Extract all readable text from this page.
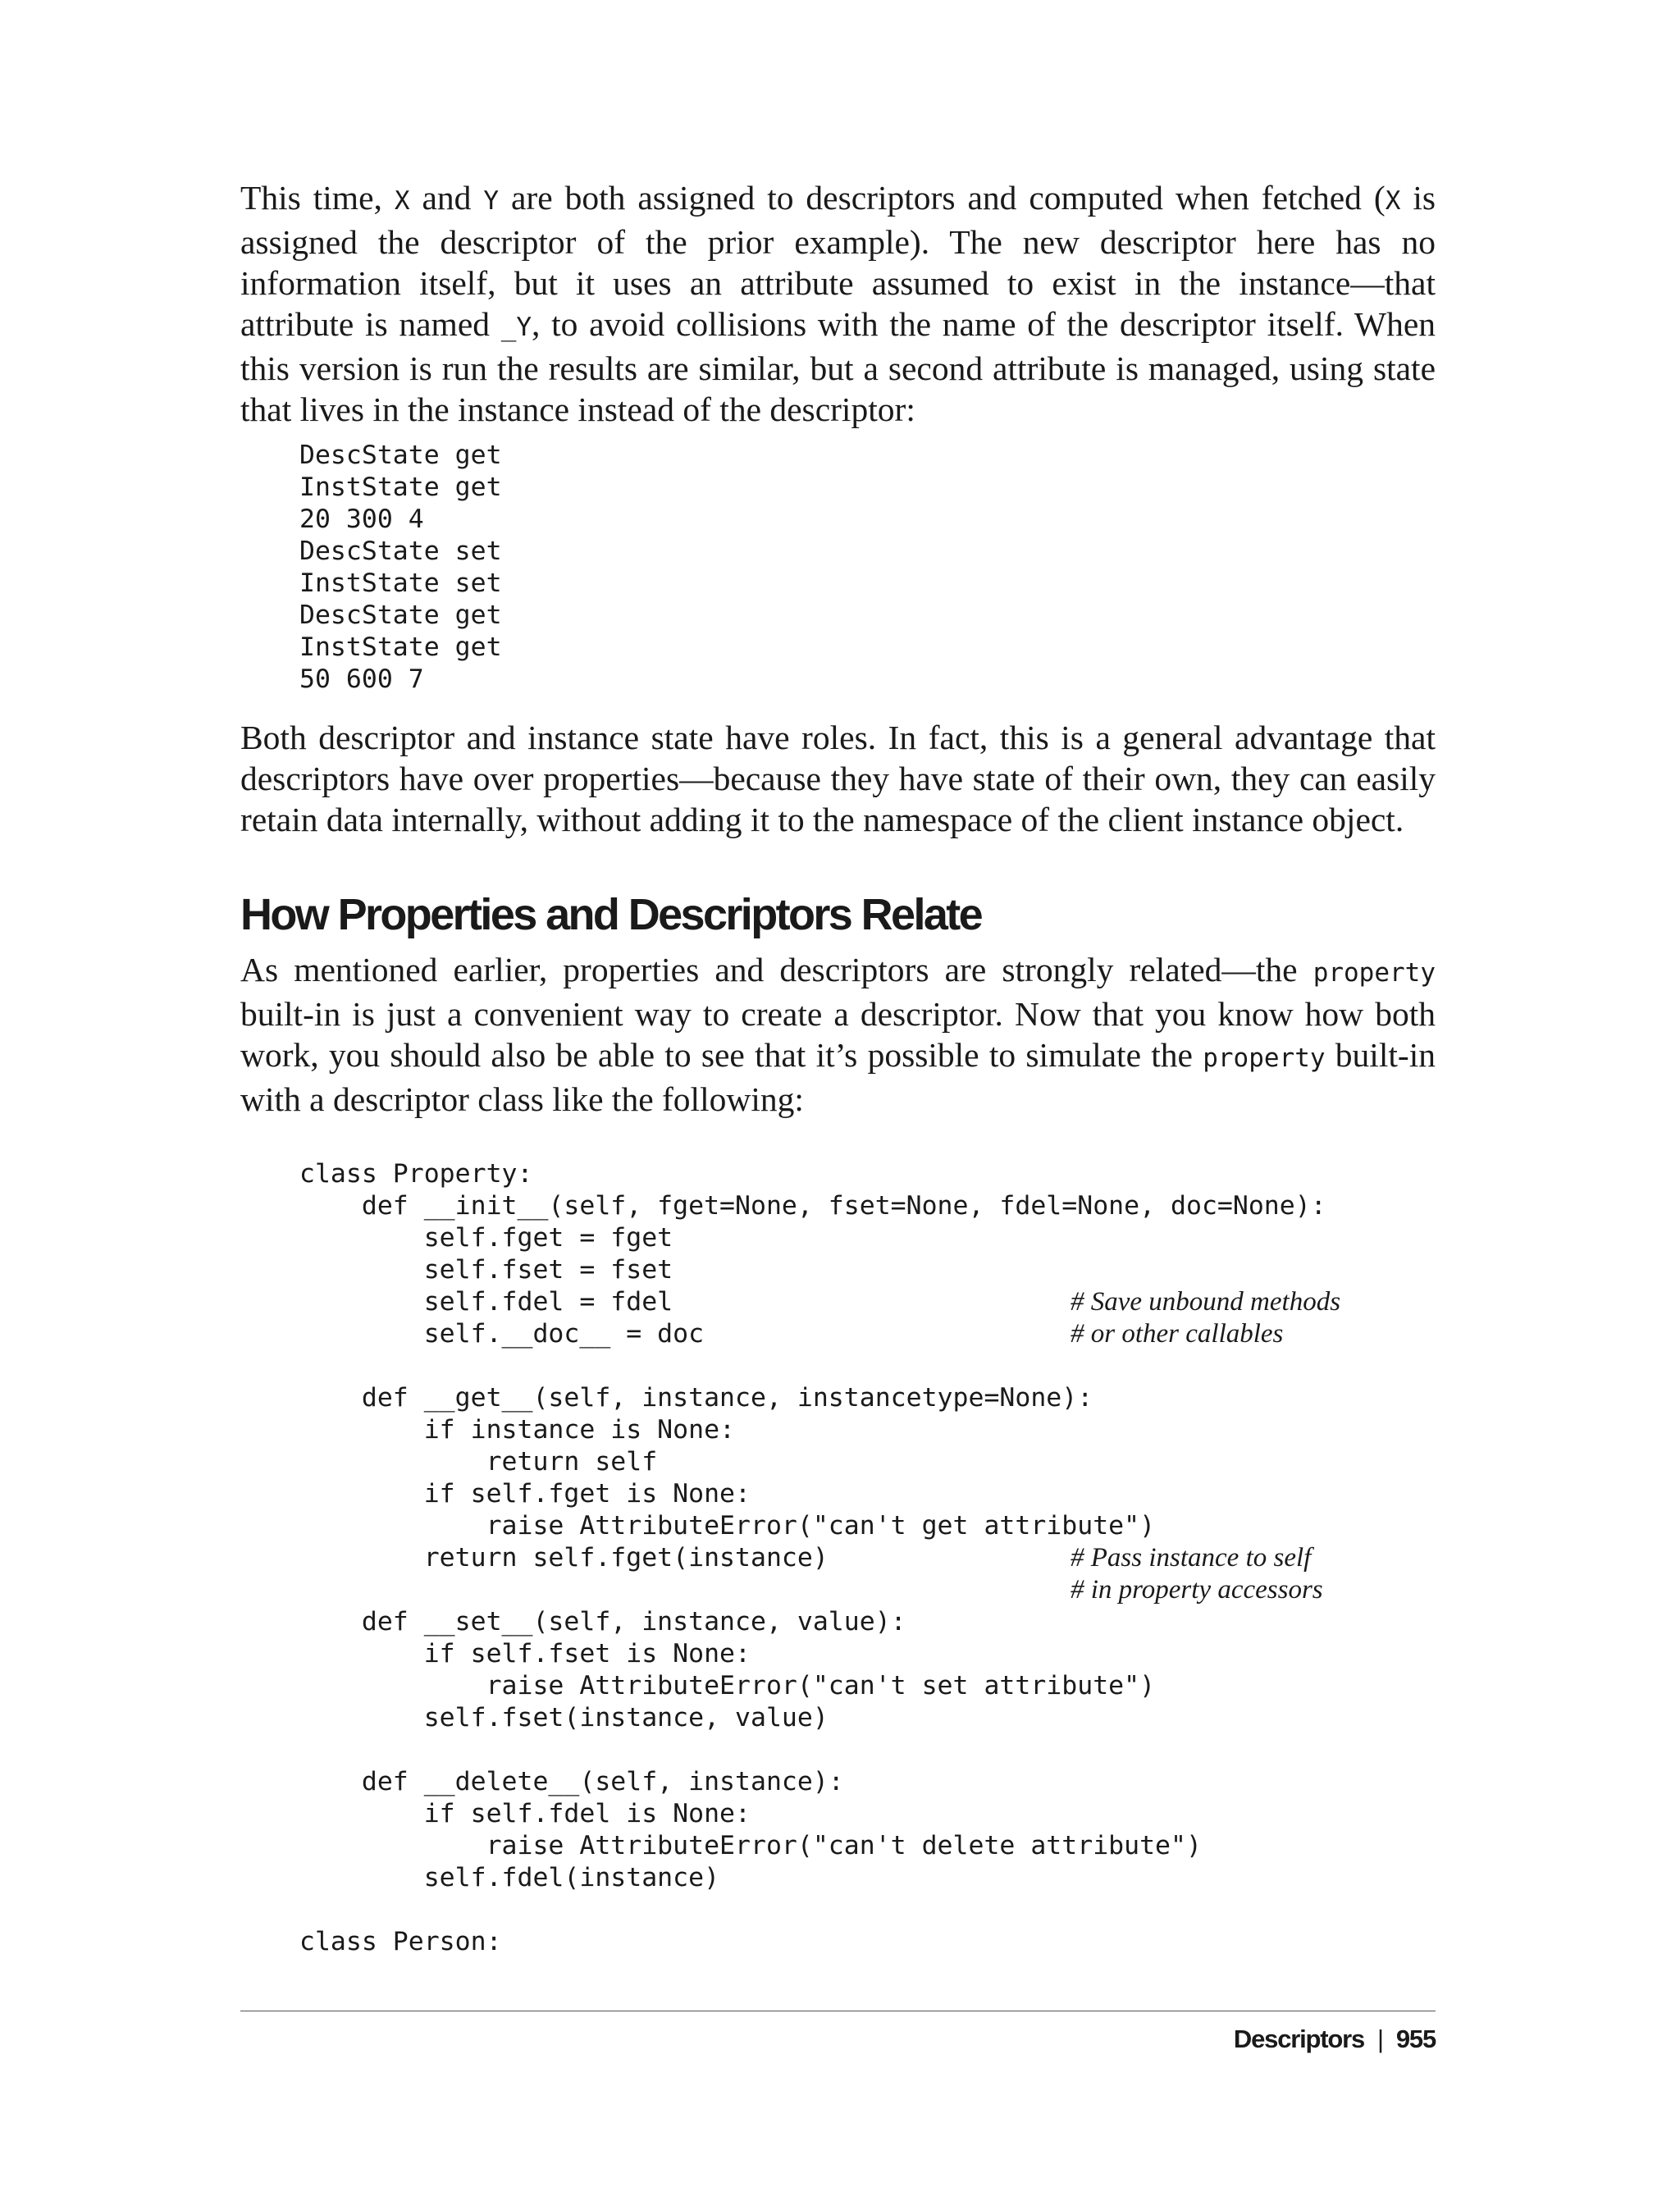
This time, X and Y are both assigned to descriptors and computed when fetched (X is assigned the descriptor of the prior example). The new descriptor here has no information itself, but it uses an attribute assumed to exist in the instance—that attribute is named _Y, to avoid collisions with the name of the descriptor itself. When this version is run the results are similar, but a second attribute is managed, using state that lives in the instance instead of the descriptor:

DescState get
InstState get
20 300 4
DescState set
InstState set
DescState get
InstState get
50 600 7

Both descriptor and instance state have roles. In fact, this is a general advantage that descriptors have over properties—because they have state of their own, they can easily retain data internally, without adding it to the namespace of the client instance object.

How Properties and Descriptors Relate

As mentioned earlier, properties and descriptors are strongly related—the property built-in is just a convenient way to create a descriptor. Now that you know how both work, you should also be able to see that it’s possible to simulate the property built-in with a descriptor class like the following:

class Property:
def __init__(self, fget=None, fset=None, fdel=None, doc=None):
self.fget = fget
self.fset = fset
self.fdel = fdel	# Save unbound methods
self.__doc__ = doc	# or other callables
def __get__(self, instance, instancetype=None):
if instance is None:
return self
if self.fget is None:
raise AttributeError("can't get attribute")
return self.fget(instance)	# Pass instance to self
# in property accessors
def __set__(self, instance, value):
if self.fset is None:
raise AttributeError("can't set attribute")
self.fset(instance, value)
def __delete__(self, instance):
if self.fdel is None:
raise AttributeError("can't delete attribute")
self.fdel(instance)
class Person:

Descriptors | 955
